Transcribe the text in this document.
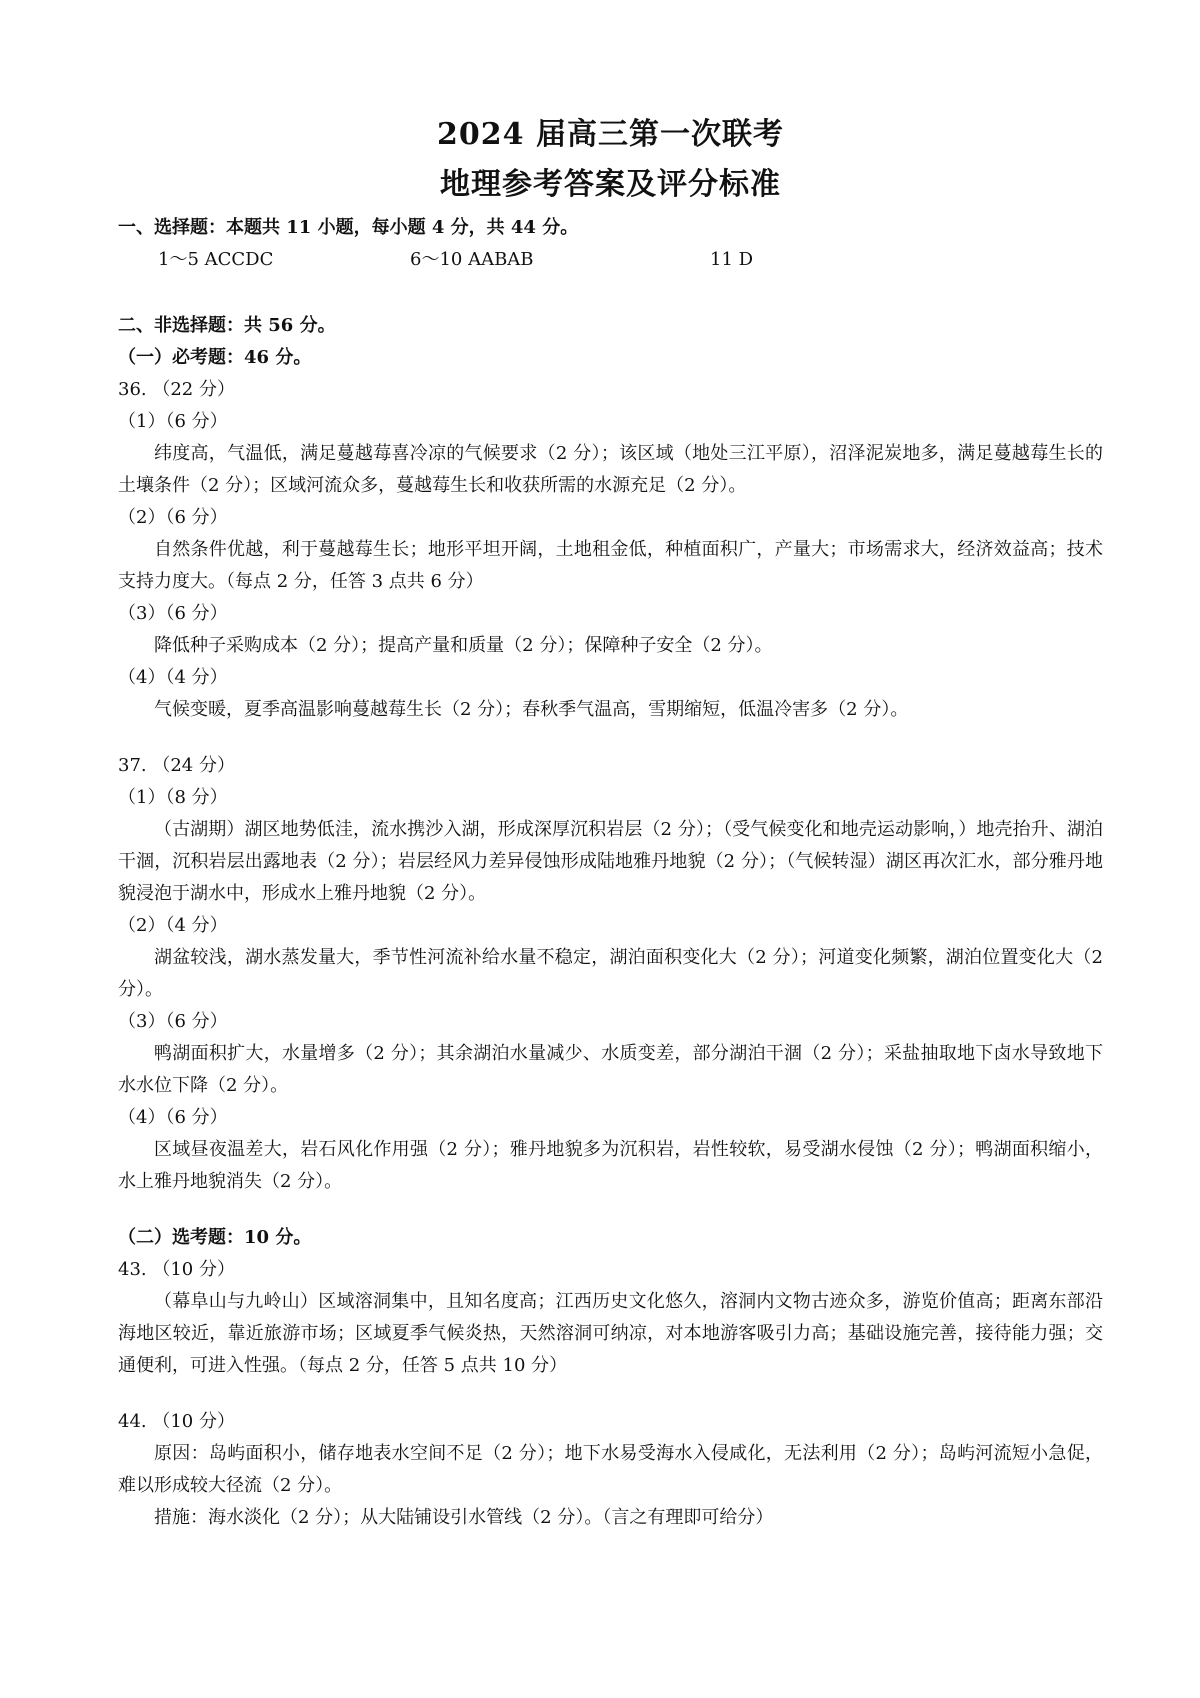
2024 届高三第一次联考
地理参考答案及评分标准

一、选择题：本题共 11 小题，每小题 4 分，共 44 分。

1～5 ACCDC	6～10 AABAB	11 D

二、非选择题：共 56 分。

（一）必考题：46 分。

36. （22 分）

（1）（6 分）

纬度高，气温低，满足蔓越莓喜冷凉的气候要求（2 分）；该区域（地处三江平原），沼泽泥炭地多，满足蔓越莓生长的土壤条件（2 分）；区域河流众多，蔓越莓生长和收获所需的水源充足（2 分）。

（2）（6 分）

自然条件优越，利于蔓越莓生长；地形平坦开阔，土地租金低，种植面积广，产量大；市场需求大，经济效益高；技术支持力度大。（每点 2 分，任答 3 点共 6 分）

（3）（6 分）

降低种子采购成本（2 分）；提高产量和质量（2 分）；保障种子安全（2 分）。

（4）（4 分）

气候变暖，夏季高温影响蔓越莓生长（2 分）；春秋季气温高，雪期缩短，低温冷害多（2 分）。

37. （24 分）

（1）（8 分）

（古湖期）湖区地势低洼，流水携沙入湖，形成深厚沉积岩层（2 分）；（受气候变化和地壳运动影响，）地壳抬升、湖泊干涸，沉积岩层出露地表（2 分）；岩层经风力差异侵蚀形成陆地雅丹地貌（2 分）；（气候转湿）湖区再次汇水，部分雅丹地貌浸泡于湖水中，形成水上雅丹地貌（2 分）。

（2）（4 分）

湖盆较浅，湖水蒸发量大，季节性河流补给水量不稳定，湖泊面积变化大（2 分）；河道变化频繁，湖泊位置变化大（2 分）。

（3）（6 分）

鸭湖面积扩大，水量增多（2 分）；其余湖泊水量减少、水质变差，部分湖泊干涸（2 分）；采盐抽取地下卤水导致地下水水位下降（2 分）。

（4）（6 分）

区域昼夜温差大，岩石风化作用强（2 分）；雅丹地貌多为沉积岩，岩性较软，易受湖水侵蚀（2 分）；鸭湖面积缩小，水上雅丹地貌消失（2 分）。

（二）选考题：10 分。

43. （10 分）

（幕阜山与九岭山）区域溶洞集中，且知名度高；江西历史文化悠久，溶洞内文物古迹众多，游览价值高；距离东部沿海地区较近，靠近旅游市场；区域夏季气候炎热，天然溶洞可纳凉，对本地游客吸引力高；基础设施完善，接待能力强；交通便利，可进入性强。（每点 2 分，任答 5 点共 10 分）

44. （10 分）

原因：岛屿面积小，储存地表水空间不足（2 分）；地下水易受海水入侵咸化，无法利用（2 分）；岛屿河流短小急促，难以形成较大径流（2 分）。

措施：海水淡化（2 分）；从大陆铺设引水管线（2 分）。（言之有理即可给分）
